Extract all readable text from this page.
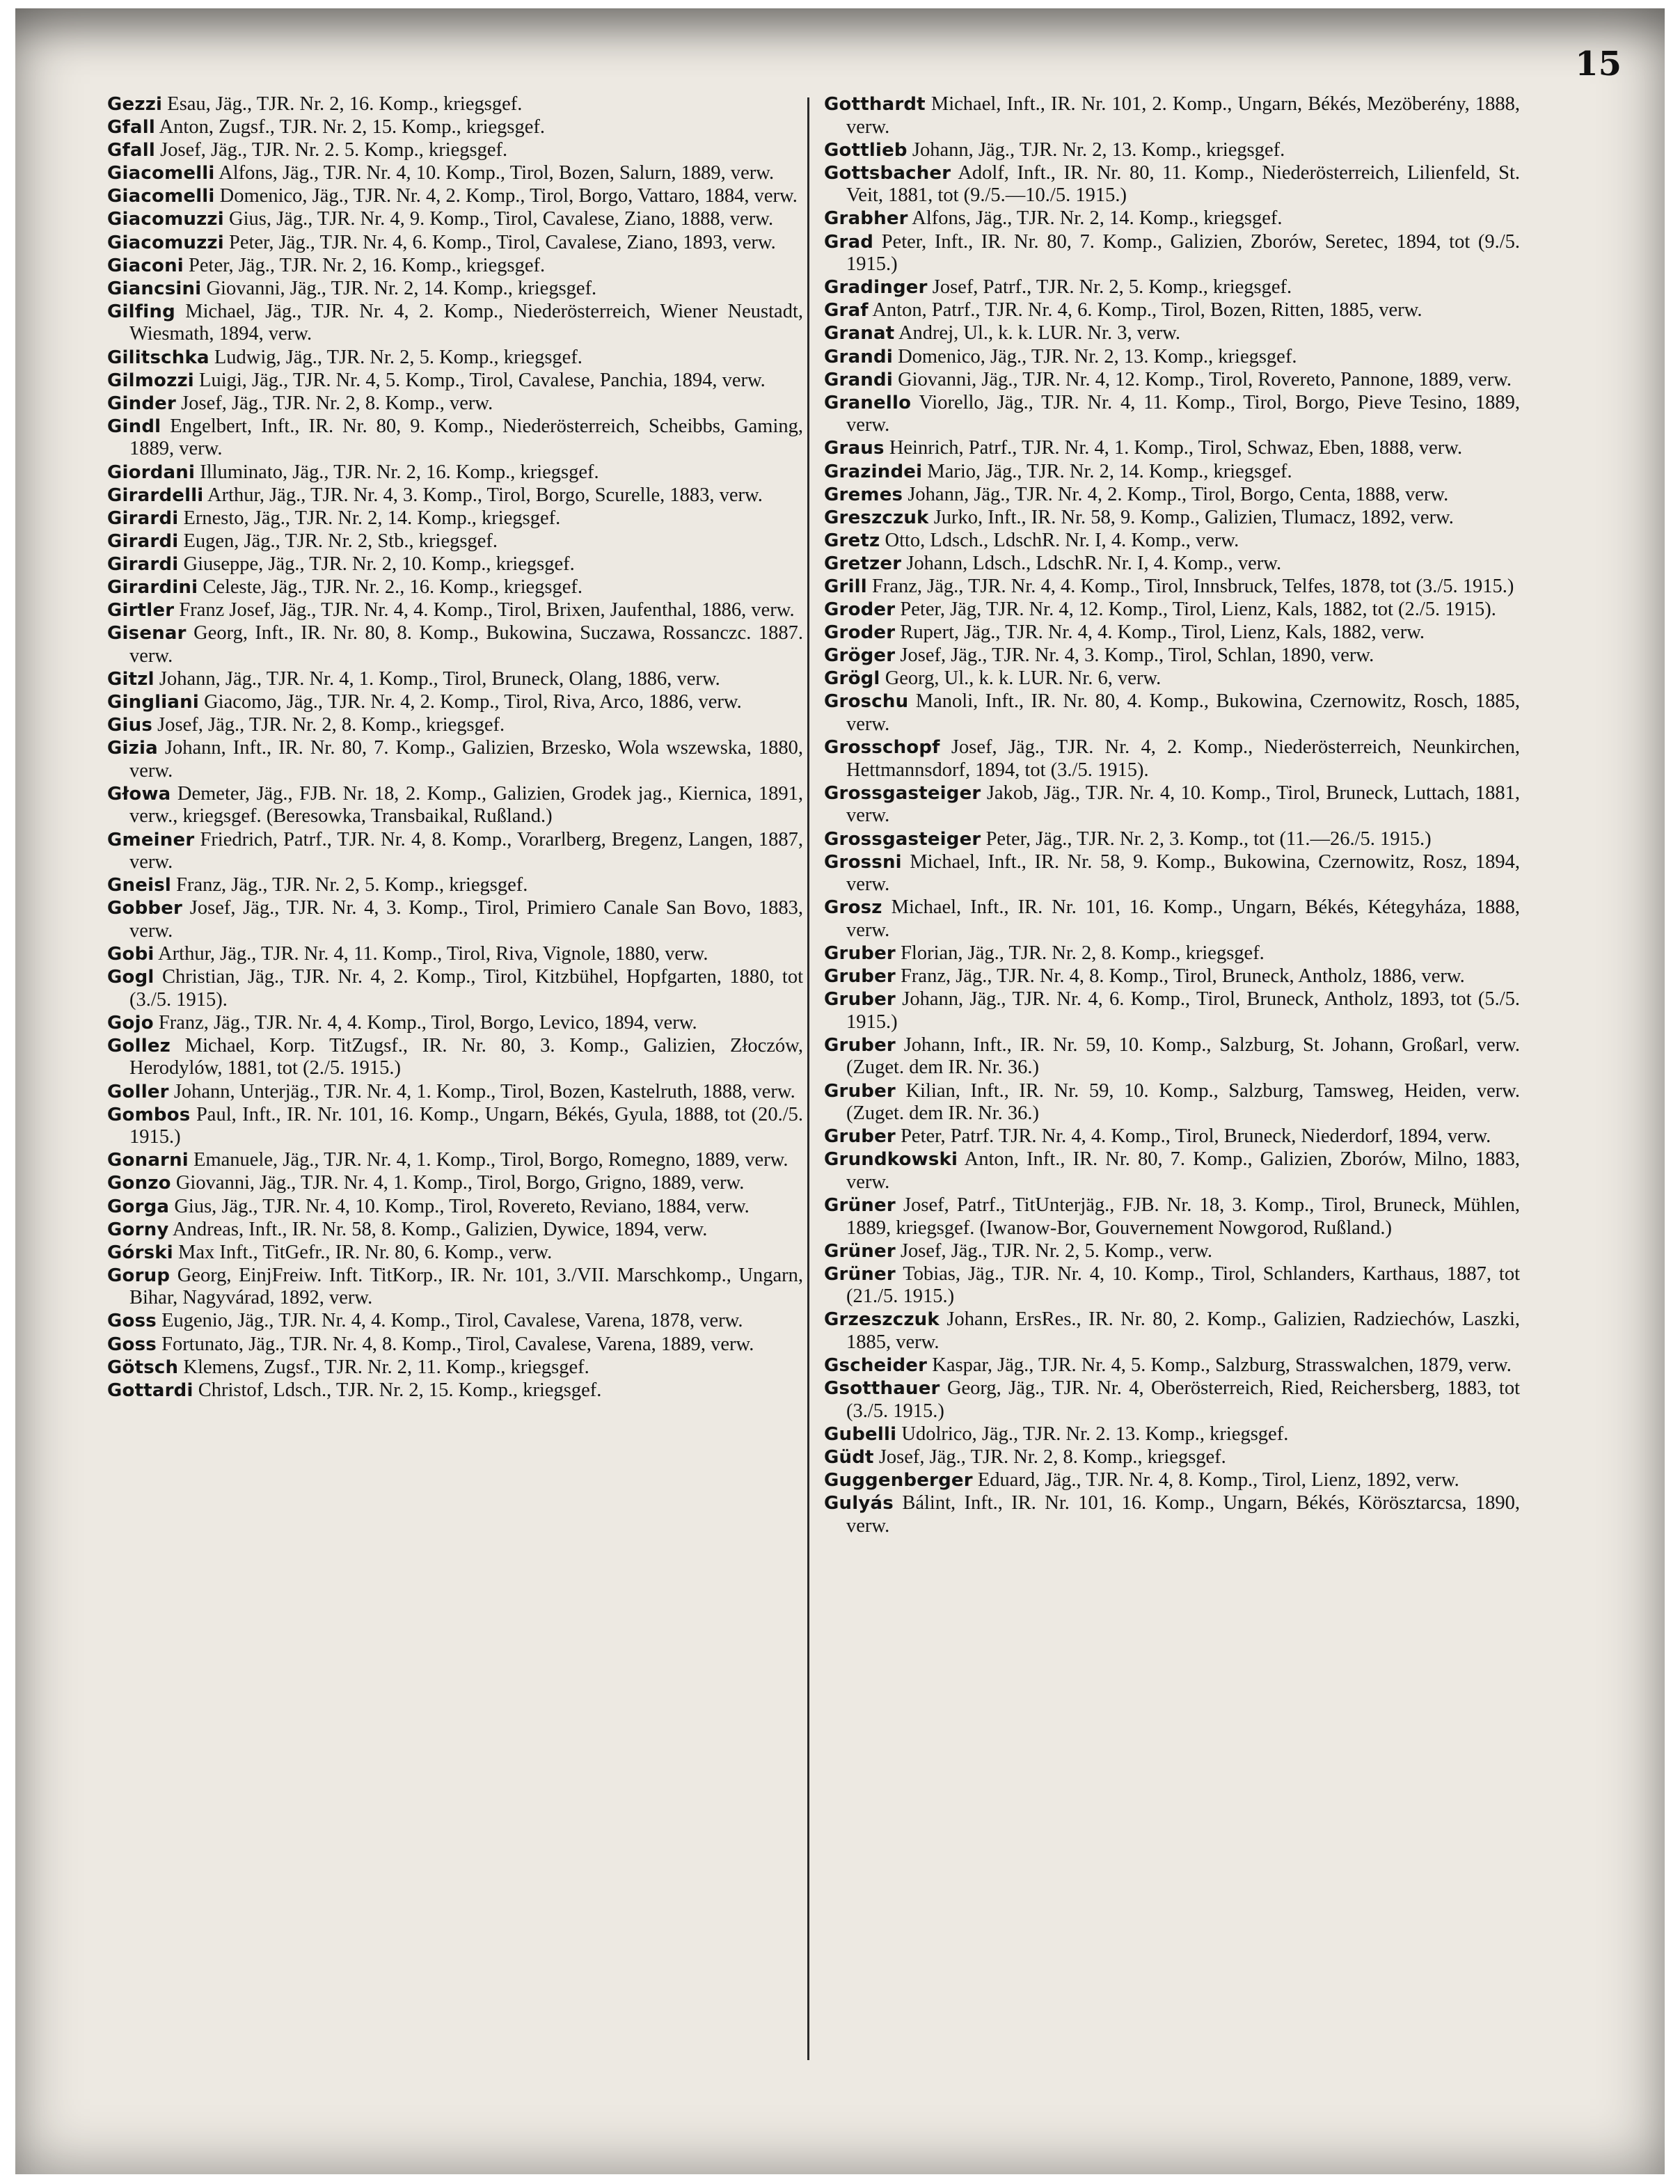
15

Gezzi Esau, Jäg., TJR. Nr. 2, 16. Komp., kriegsgef.

Gfall Anton, Zugsf., TJR. Nr. 2, 15. Komp., kriegsgef.

Gfall Josef, Jäg., TJR. Nr. 2. 5. Komp., kriegsgef.

Giacomelli Alfons, Jäg., TJR. Nr. 4, 10. Komp., Tirol, Bozen, Salurn, 1889, verw.

Giacomelli Domenico, Jäg., TJR. Nr. 4, 2. Komp., Tirol, Borgo, Vattaro, 1884, verw.

Giacomuzzi Gius, Jäg., TJR. Nr. 4, 9. Komp., Tirol, Cavalese, Ziano, 1888, verw.

Giacomuzzi Peter, Jäg., TJR. Nr. 4, 6. Komp., Tirol, Cavalese, Ziano, 1893, verw.

Giaconi Peter, Jäg., TJR. Nr. 2, 16. Komp., kriegsgef.

Giancsini Giovanni, Jäg., TJR. Nr. 2, 14. Komp., kriegsgef.

Gilfing Michael, Jäg., TJR. Nr. 4, 2. Komp., Niederösterreich, Wiener Neustadt, Wiesmath, 1894, verw.

Gilitschka Ludwig, Jäg., TJR. Nr. 2, 5. Komp., kriegsgef.

Gilmozzi Luigi, Jäg., TJR. Nr. 4, 5. Komp., Tirol, Cavalese, Panchia, 1894, verw.

Ginder Josef, Jäg., TJR. Nr. 2, 8. Komp., verw.

Gindl Engelbert, Inft., IR. Nr. 80, 9. Komp., Niederösterreich, Scheibbs, Gaming, 1889, verw.

Giordani Illuminato, Jäg., TJR. Nr. 2, 16. Komp., kriegsgef.

Girardelli Arthur, Jäg., TJR. Nr. 4, 3. Komp., Tirol, Borgo, Scurelle, 1883, verw.

Girardi Ernesto, Jäg., TJR. Nr. 2, 14. Komp., kriegsgef.

Girardi Eugen, Jäg., TJR. Nr. 2, Stb., kriegsgef.

Girardi Giuseppe, Jäg., TJR. Nr. 2, 10. Komp., kriegsgef.

Girardini Celeste, Jäg., TJR. Nr. 2., 16. Komp., kriegsgef.

Girtler Franz Josef, Jäg., TJR. Nr. 4, 4. Komp., Tirol, Brixen, Jaufenthal, 1886, verw.

Gisenar Georg, Inft., IR. Nr. 80, 8. Komp., Bukowina, Suczawa, Rossanczc. 1887. verw.

Gitzl Johann, Jäg., TJR. Nr. 4, 1. Komp., Tirol, Bruneck, Olang, 1886, verw.

Gingliani Giacomo, Jäg., TJR. Nr. 4, 2. Komp., Tirol, Riva, Arco, 1886, verw.

Gius Josef, Jäg., TJR. Nr. 2, 8. Komp., kriegsgef.

Gizia Johann, Inft., IR. Nr. 80, 7. Komp., Galizien, Brzesko, Wola wszewska, 1880, verw.

Głowa Demeter, Jäg., FJB. Nr. 18, 2. Komp., Galizien, Grodek jag., Kiernica, 1891, verw., kriegsgef. (Beresowka, Transbaikal, Rußland.)

Gmeiner Friedrich, Patrf., TJR. Nr. 4, 8. Komp., Vorarlberg, Bregenz, Langen, 1887, verw.

Gneisl Franz, Jäg., TJR. Nr. 2, 5. Komp., kriegsgef.

Gobber Josef, Jäg., TJR. Nr. 4, 3. Komp., Tirol, Primiero Canale San Bovo, 1883, verw.

Gobi Arthur, Jäg., TJR. Nr. 4, 11. Komp., Tirol, Riva, Vignole, 1880, verw.

Gogl Christian, Jäg., TJR. Nr. 4, 2. Komp., Tirol, Kitzbühel, Hopfgarten, 1880, tot (3./5. 1915).

Gojo Franz, Jäg., TJR. Nr. 4, 4. Komp., Tirol, Borgo, Levico, 1894, verw.

Gollez Michael, Korp. TitZugsf., IR. Nr. 80, 3. Komp., Galizien, Złoczów, Herodylów, 1881, tot (2./5. 1915.)

Goller Johann, Unterjäg., TJR. Nr. 4, 1. Komp., Tirol, Bozen, Kastelruth, 1888, verw.

Gombos Paul, Inft., IR. Nr. 101, 16. Komp., Ungarn, Békés, Gyula, 1888, tot (20./5. 1915.)

Gonarni Emanuele, Jäg., TJR. Nr. 4, 1. Komp., Tirol, Borgo, Romegno, 1889, verw.

Gonzo Giovanni, Jäg., TJR. Nr. 4, 1. Komp., Tirol, Borgo, Grigno, 1889, verw.

Gorga Gius, Jäg., TJR. Nr. 4, 10. Komp., Tirol, Rovereto, Reviano, 1884, verw.

Gorny Andreas, Inft., IR. Nr. 58, 8. Komp., Galizien, Dywice, 1894, verw.

Górski Max Inft., TitGefr., IR. Nr. 80, 6. Komp., verw.

Gorup Georg, EinjFreiw. Inft. TitKorp., IR. Nr. 101, 3./VII. Marschkomp., Ungarn, Bihar, Nagyvárad, 1892, verw.

Goss Eugenio, Jäg., TJR. Nr. 4, 4. Komp., Tirol, Cavalese, Varena, 1878, verw.

Goss Fortunato, Jäg., TJR. Nr. 4, 8. Komp., Tirol, Cavalese, Varena, 1889, verw.

Götsch Klemens, Zugsf., TJR. Nr. 2, 11. Komp., kriegsgef.

Gottardi Christof, Ldsch., TJR. Nr. 2, 15. Komp., kriegsgef.

Gotthardt Michael, Inft., IR. Nr. 101, 2. Komp., Ungarn, Békés, Mezöberény, 1888, verw.

Gottlieb Johann, Jäg., TJR. Nr. 2, 13. Komp., kriegsgef.

Gottsbacher Adolf, Inft., IR. Nr. 80, 11. Komp., Niederösterreich, Lilienfeld, St. Veit, 1881, tot (9./5.—10./5. 1915.)

Grabher Alfons, Jäg., TJR. Nr. 2, 14. Komp., kriegsgef.

Grad Peter, Inft., IR. Nr. 80, 7. Komp., Galizien, Zborów, Seretec, 1894, tot (9./5. 1915.)

Gradinger Josef, Patrf., TJR. Nr. 2, 5. Komp., kriegsgef.

Graf Anton, Patrf., TJR. Nr. 4, 6. Komp., Tirol, Bozen, Ritten, 1885, verw.

Granat Andrej, Ul., k. k. LUR. Nr. 3, verw.

Grandi Domenico, Jäg., TJR. Nr. 2, 13. Komp., kriegsgef.

Grandi Giovanni, Jäg., TJR. Nr. 4, 12. Komp., Tirol, Rovereto, Pannone, 1889, verw.

Granello Viorello, Jäg., TJR. Nr. 4, 11. Komp., Tirol, Borgo, Pieve Tesino, 1889, verw.

Graus Heinrich, Patrf., TJR. Nr. 4, 1. Komp., Tirol, Schwaz, Eben, 1888, verw.

Grazindei Mario, Jäg., TJR. Nr. 2, 14. Komp., kriegsgef.

Gremes Johann, Jäg., TJR. Nr. 4, 2. Komp., Tirol, Borgo, Centa, 1888, verw.

Greszczuk Jurko, Inft., IR. Nr. 58, 9. Komp., Galizien, Tlumacz, 1892, verw.

Gretz Otto, Ldsch., LdschR. Nr. I, 4. Komp., verw.

Gretzer Johann, Ldsch., LdschR. Nr. I, 4. Komp., verw.

Grill Franz, Jäg., TJR. Nr. 4, 4. Komp., Tirol, Innsbruck, Telfes, 1878, tot (3./5. 1915.)

Groder Peter, Jäg, TJR. Nr. 4, 12. Komp., Tirol, Lienz, Kals, 1882, tot (2./5. 1915).

Groder Rupert, Jäg., TJR. Nr. 4, 4. Komp., Tirol, Lienz, Kals, 1882, verw.

Gröger Josef, Jäg., TJR. Nr. 4, 3. Komp., Tirol, Schlan, 1890, verw.

Grögl Georg, Ul., k. k. LUR. Nr. 6, verw.

Groschu Manoli, Inft., IR. Nr. 80, 4. Komp., Bukowina, Czernowitz, Rosch, 1885, verw.

Grosschopf Josef, Jäg., TJR. Nr. 4, 2. Komp., Niederösterreich, Neunkirchen, Hettmannsdorf, 1894, tot (3./5. 1915).

Grossgasteiger Jakob, Jäg., TJR. Nr. 4, 10. Komp., Tirol, Bruneck, Luttach, 1881, verw.

Grossgasteiger Peter, Jäg., TJR. Nr. 2, 3. Komp., tot (11.—26./5. 1915.)

Grossni Michael, Inft., IR. Nr. 58, 9. Komp., Bukowina, Czernowitz, Rosz, 1894, verw.

Grosz Michael, Inft., IR. Nr. 101, 16. Komp., Ungarn, Békés, Kétegyháza, 1888, verw.

Gruber Florian, Jäg., TJR. Nr. 2, 8. Komp., kriegsgef.

Gruber Franz, Jäg., TJR. Nr. 4, 8. Komp., Tirol, Bruneck, Antholz, 1886, verw.

Gruber Johann, Jäg., TJR. Nr. 4, 6. Komp., Tirol, Bruneck, Antholz, 1893, tot (5./5. 1915.)

Gruber Johann, Inft., IR. Nr. 59, 10. Komp., Salzburg, St. Johann, Großarl, verw. (Zuget. dem IR. Nr. 36.)

Gruber Kilian, Inft., IR. Nr. 59, 10. Komp., Salzburg, Tamsweg, Heiden, verw. (Zuget. dem IR. Nr. 36.)

Gruber Peter, Patrf. TJR. Nr. 4, 4. Komp., Tirol, Bruneck, Niederdorf, 1894, verw.

Grundkowski Anton, Inft., IR. Nr. 80, 7. Komp., Galizien, Zborów, Milno, 1883, verw.

Grüner Josef, Patrf., TitUnterjäg., FJB. Nr. 18, 3. Komp., Tirol, Bruneck, Mühlen, 1889, kriegsgef. (Iwanow-Bor, Gouvernement Nowgorod, Rußland.)

Grüner Josef, Jäg., TJR. Nr. 2, 5. Komp., verw.

Grüner Tobias, Jäg., TJR. Nr. 4, 10. Komp., Tirol, Schlanders, Karthaus, 1887, tot (21./5. 1915.)

Grzeszczuk Johann, ErsRes., IR. Nr. 80, 2. Komp., Galizien, Radziechów, Laszki, 1885, verw.

Gscheider Kaspar, Jäg., TJR. Nr. 4, 5. Komp., Salzburg, Strasswalchen, 1879, verw.

Gsotthauer Georg, Jäg., TJR. Nr. 4, Oberösterreich, Ried, Reichersberg, 1883, tot (3./5. 1915.)

Gubelli Udolrico, Jäg., TJR. Nr. 2. 13. Komp., kriegsgef.

Güdt Josef, Jäg., TJR. Nr. 2, 8. Komp., kriegsgef.

Guggenberger Eduard, Jäg., TJR. Nr. 4, 8. Komp., Tirol, Lienz, 1892, verw.

Gulyás Bálint, Inft., IR. Nr. 101, 16. Komp., Ungarn, Békés, Körösztarcsa, 1890, verw.
